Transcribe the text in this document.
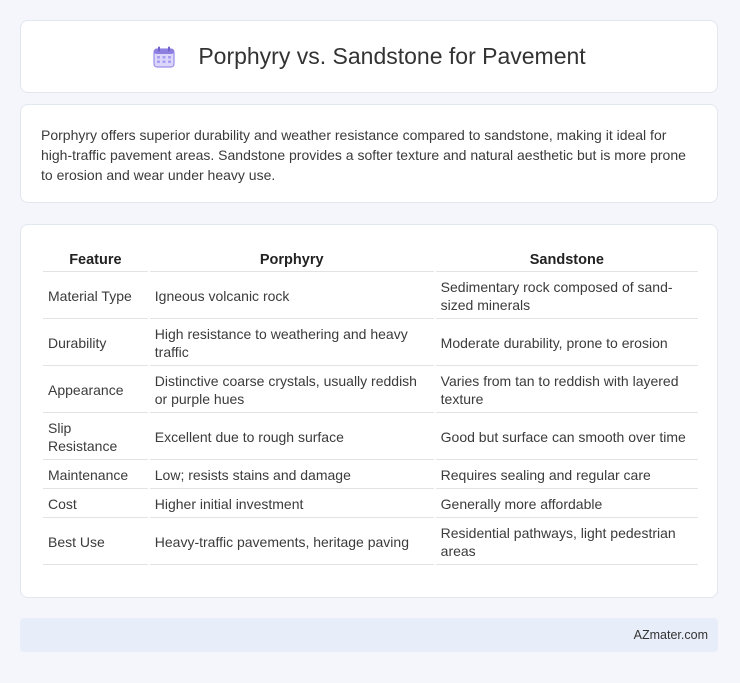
Porphyry vs. Sandstone for Pavement

Porphyry offers superior durability and weather resistance compared to sandstone, making it ideal for high-traffic pavement areas. Sandstone provides a softer texture and natural aesthetic but is more prone to erosion and wear under heavy use.

Feature	Porphyry	Sandstone
Material Type	Igneous volcanic rock	Sedimentary rock composed of sand-sized minerals
Durability	High resistance to weathering and heavy traffic	Moderate durability, prone to erosion
Appearance	Distinctive coarse crystals, usually reddish or purple hues	Varies from tan to reddish with layered texture
Slip Resistance	Excellent due to rough surface	Good but surface can smooth over time
Maintenance	Low; resists stains and damage	Requires sealing and regular care
Cost	Higher initial investment	Generally more affordable
Best Use	Heavy-traffic pavements, heritage paving	Residential pathways, light pedestrian areas
AZmater.com
